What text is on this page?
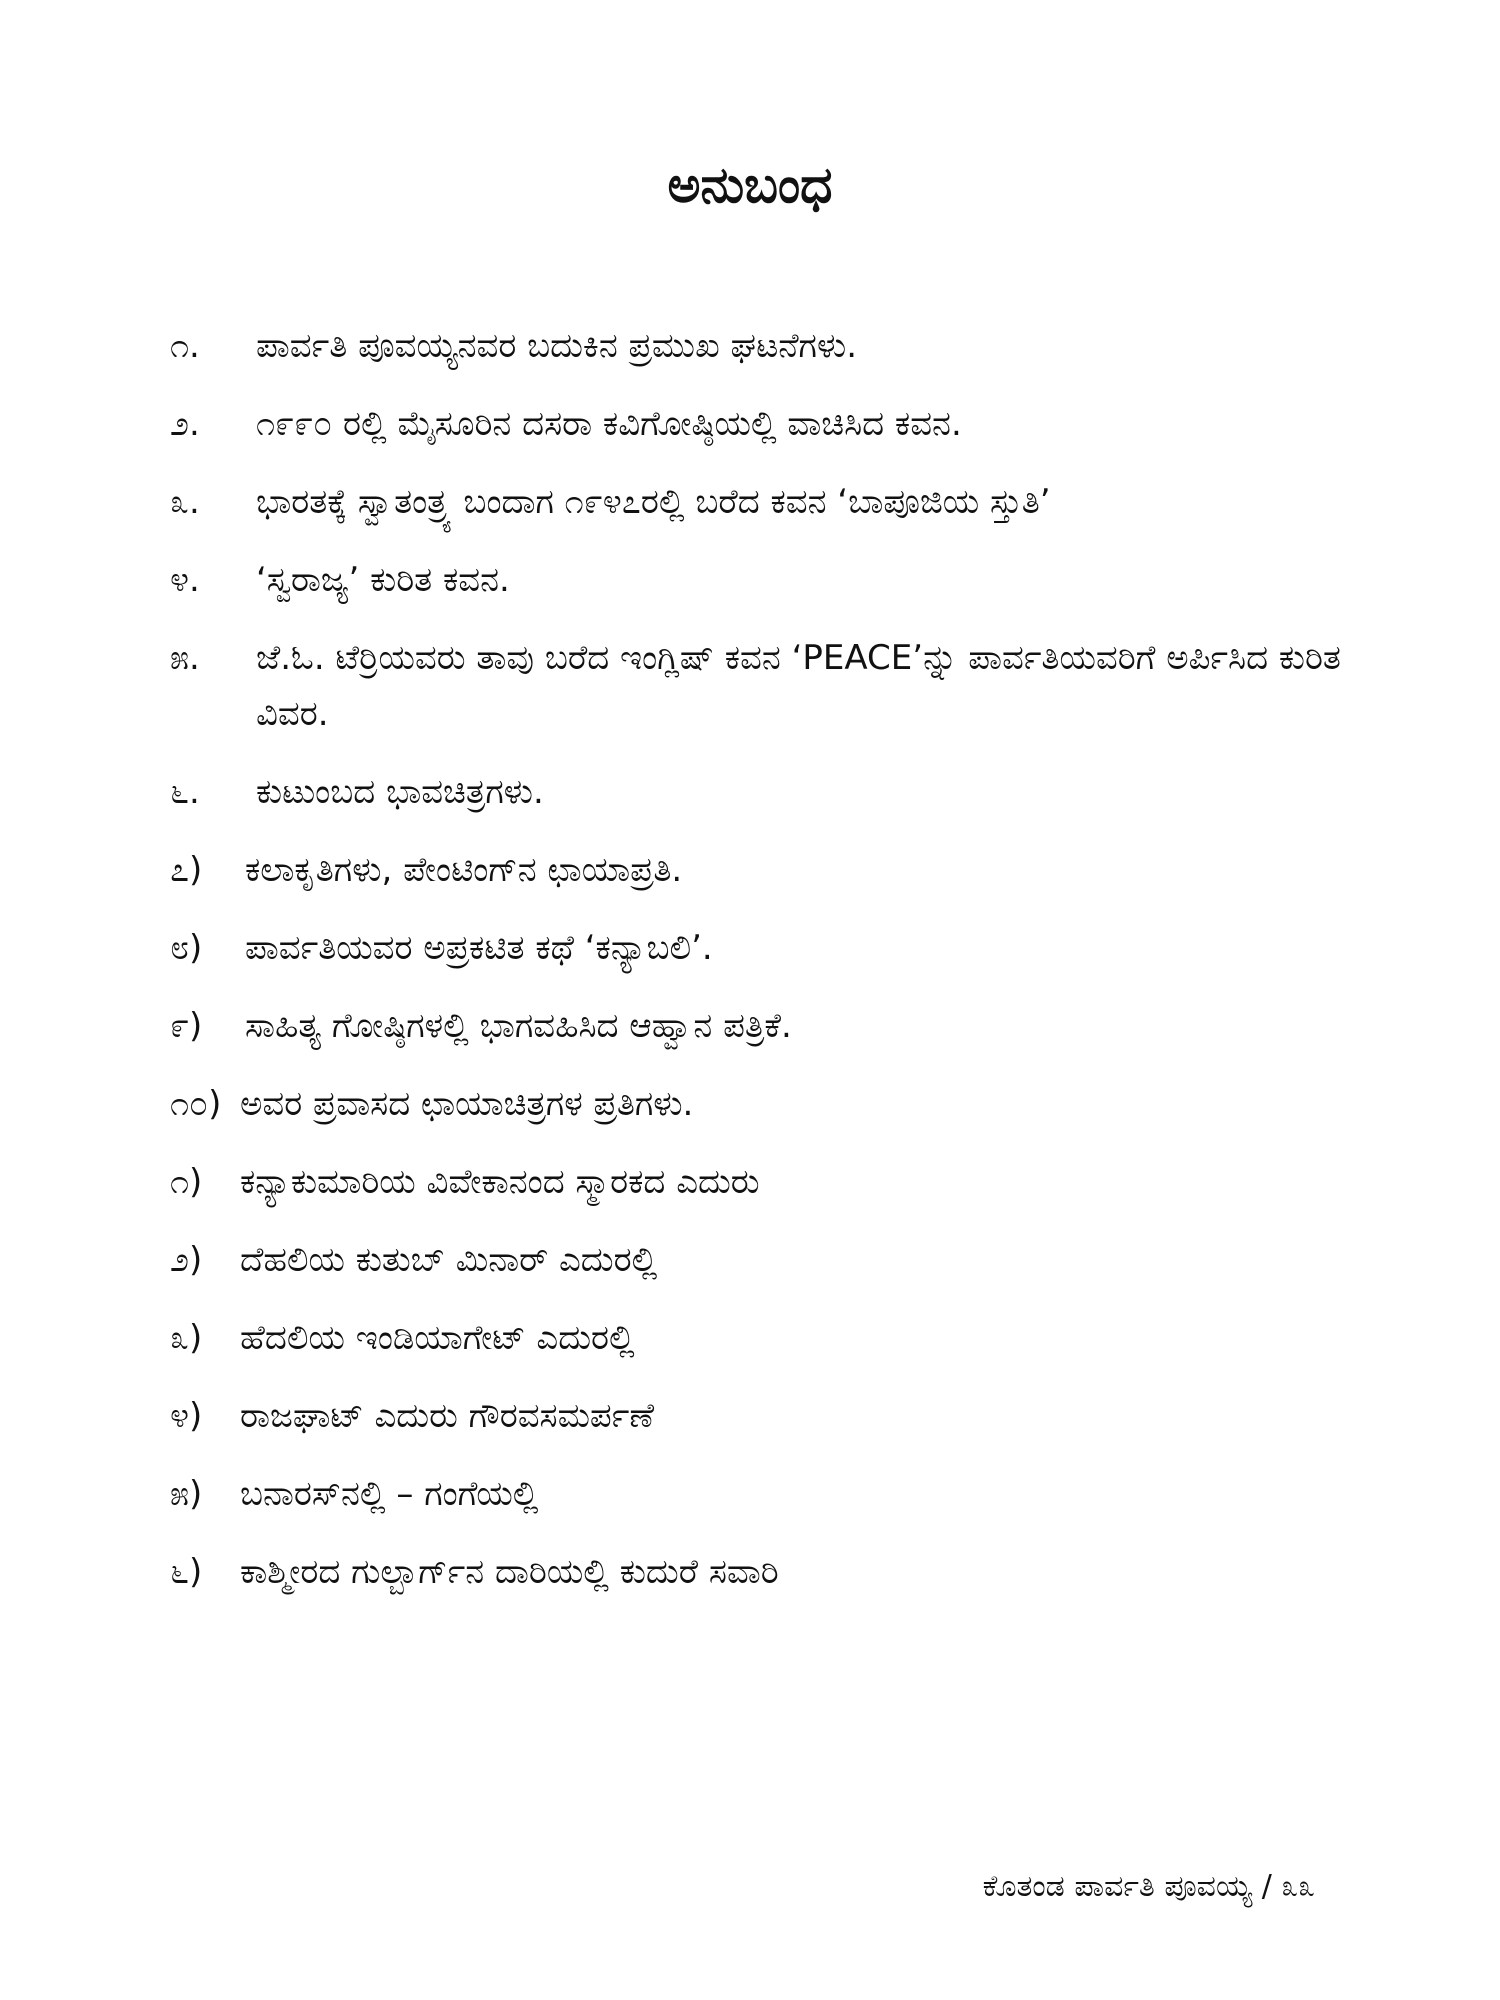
ಅನುಬಂಧ
೧.	ಪಾರ್ವತಿ ಪೂವಯ್ಯನವರ ಬದುಕಿನ ಪ್ರಮುಖ ಘಟನೆಗಳು.
೨.	೧೯೯೦ ರಲ್ಲಿ ಮೈಸೂರಿನ ದಸರಾ ಕವಿಗೋಷ್ಠಿಯಲ್ಲಿ ವಾಚಿಸಿದ ಕವನ.
೩.	ಭಾರತಕ್ಕೆ ಸ್ವಾತಂತ್ರ್ಯ ಬಂದಾಗ ೧೯೪೭ರಲ್ಲಿ ಬರೆದ ಕವನ ‘ಬಾಪೂಜಿಯ ಸ್ತುತಿ’
೪.	‘ಸ್ವರಾಜ್ಯ’ ಕುರಿತ ಕವನ.
೫.	ಜೆ.ಓ. ಟೆರ್ರಿಯವರು ತಾವು ಬರೆದ ಇಂಗ್ಲಿಷ್ ಕವನ ‘PEACE’ನ್ನು ಪಾರ್ವತಿಯವರಿಗೆ ಅರ್ಪಿಸಿದ ಕುರಿತ ವಿವರ.
೬.	ಕುಟುಂಬದ ಭಾವಚಿತ್ರಗಳು.
೭)	ಕಲಾಕೃತಿಗಳು, ಪೇಂಟಿಂಗ್‌ನ ಛಾಯಾಪ್ರತಿ.
೮)	ಪಾರ್ವತಿಯವರ ಅಪ್ರಕಟಿತ ಕಥೆ ‘ಕನ್ಯಾಬಲಿ’.
೯)	ಸಾಹಿತ್ಯ ಗೋಷ್ಠಿಗಳಲ್ಲಿ ಭಾಗವಹಿಸಿದ ಆಹ್ವಾನ ಪತ್ರಿಕೆ.
೧೦) ಅವರ ಪ್ರವಾಸದ ಛಾಯಾಚಿತ್ರಗಳ ಪ್ರತಿಗಳು.
೧)	ಕನ್ಯಾಕುಮಾರಿಯ ವಿವೇಕಾನಂದ ಸ್ಮಾರಕದ ಎದುರು
೨)	ದೆಹಲಿಯ ಕುತುಬ್ ಮಿನಾರ್ ಎದುರಲ್ಲಿ
೩)	ಹೆದಲಿಯ ಇಂಡಿಯಾಗೇಟ್ ಎದುರಲ್ಲಿ
೪)	ರಾಜಘಾಟ್ ಎದುರು ಗೌರವಸಮರ್ಪಣೆ
೫)	ಬನಾರಸ್‌ನಲ್ಲಿ – ಗಂಗೆಯಲ್ಲಿ
೬)	ಕಾಶ್ಮೀರದ ಗುಲ್ಬಾರ್ಗ್‌ನ ದಾರಿಯಲ್ಲಿ ಕುದುರೆ ಸವಾರಿ
ಕೊತಂಡ ಪಾರ್ವತಿ ಪೂವಯ್ಯ / ೩೩
